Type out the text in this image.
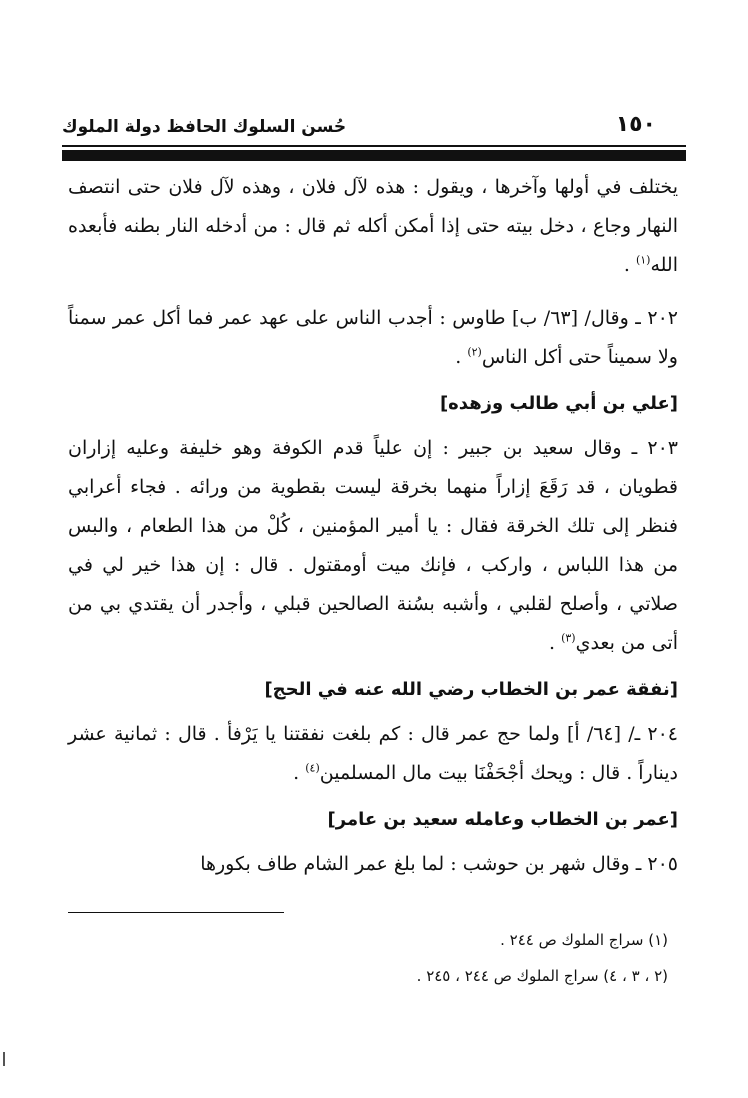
١٥٠
حُسن السلوك الحافظ دولة الملوك

يختلف في أولها وآخرها ، ويقول : هذه لآل فلان ، وهذه لآل فلان حتى انتصف النهار وجاع ، دخل بيته حتى إذا أمكن أكله ثم قال : من أدخله النار بطنه فأبعده الله$^{(١)}$ .

٢٠٢ ـ وقال/ [٦٣/ ب] طاوس : أجدب الناس على عهد عمر فما أكل عمر سمناً ولا سميناً حتى أكل الناس$^{(٢)}$ .

[علي بن أبي طالب وزهده]

٢٠٣ ـ وقال سعيد بن جبير : إن علياً قدم الكوفة وهو خليفة وعليه إزاران قطويان ، قد رَقَعَ إزاراً منهما بخرقة ليست بقطوية من ورائه . فجاء أعرابي فنظر إلى تلك الخرقة فقال : يا أمير المؤمنين ، كُلْ من هذا الطعام ، والبس من هذا اللباس ، واركب ، فإنك ميت أومقتول . قال : إن هذا خير لي في صلاتي ، وأصلح لقلبي ، وأشبه بسُنة الصالحين قبلي ، وأجدر أن يقتدي بي من أتى من بعدي$^{(٣)}$ .

[نفقة عمر بن الخطاب رضي الله عنه في الحج]

٢٠٤ ـ/ [٦٤/ أ] ولما حج عمر قال : كم بلغت نفقتنا يا يَرْفأ . قال : ثمانية عشر ديناراً . قال : ويحك أجْحَفْنَا بيت مال المسلمين$^{(٤)}$ .

[عمر بن الخطاب وعامله سعيد بن عامر]

٢٠٥ ـ وقال شهر بن حوشب : لما بلغ عمر الشام طاف بكورها

(١) سراج الملوك ص ٢٤٤ .

(٢ ، ٣ ، ٤) سراج الملوك ص ٢٤٤ ، ٢٤٥ .
